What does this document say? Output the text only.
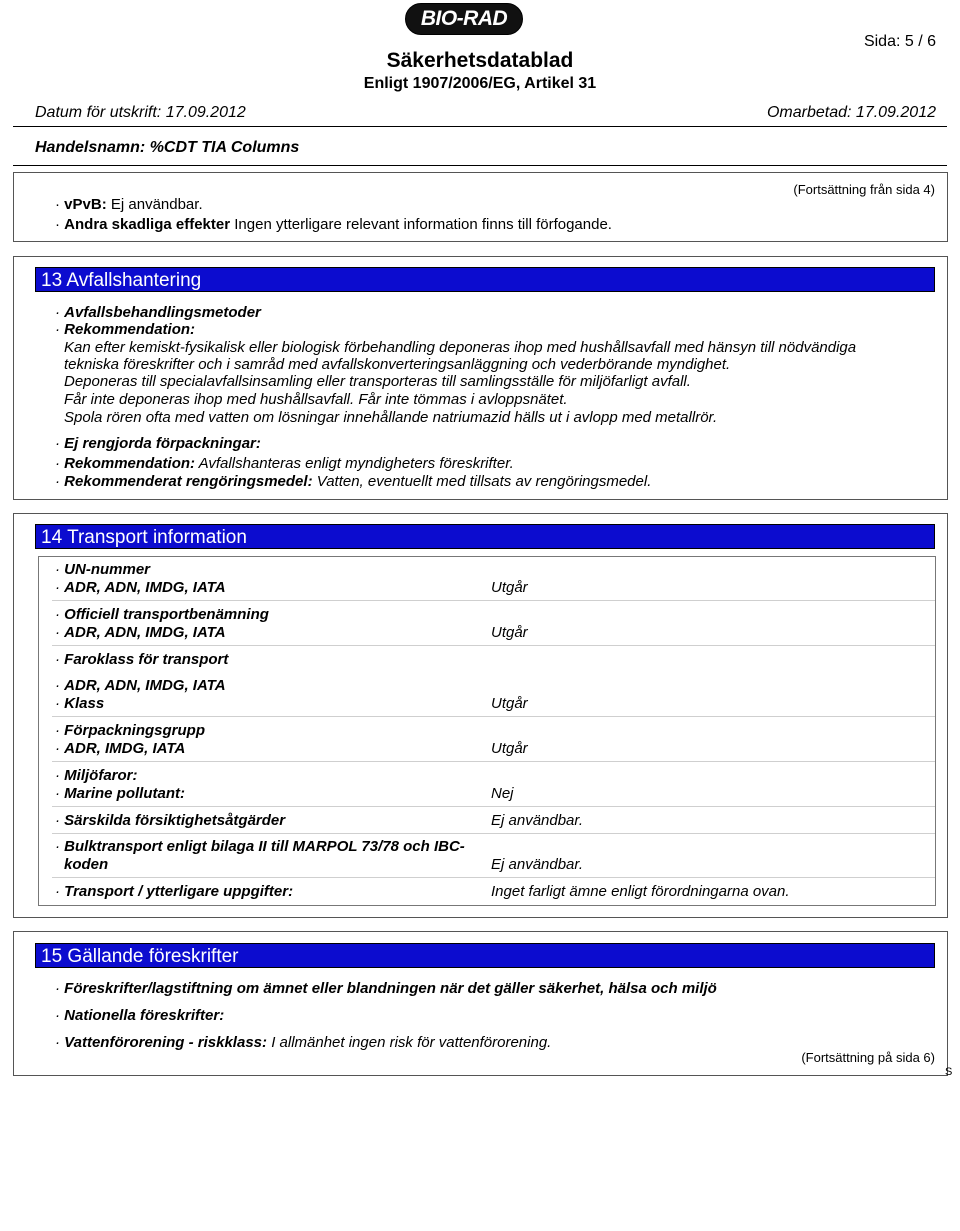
BIO-RAD
Säkerhetsdatablad
Enligt 1907/2006/EG, Artikel 31
Sida: 5 / 6
Datum för utskrift: 17.09.2012	Omarbetad: 17.09.2012
Handelsnamn: %CDT TIA Columns
(Fortsättning från sida 4)
· vPvB: Ej användbar.
· Andra skadliga effekter Ingen ytterligare relevant information finns till förfogande.
13 Avfallshantering
· Avfallsbehandlingsmetoder
· Rekommendation:
Kan efter kemiskt-fysikalisk eller biologisk förbehandling deponeras ihop med hushållsavfall med hänsyn till nödvändiga
tekniska föreskrifter och i samråd med avfallskonverteringsanläggning och vederbörande myndighet.
Deponeras till specialavfallsinsamling eller transporteras till samlingsställe för miljöfarligt avfall.
Får inte deponeras ihop med hushållsavfall. Får inte tömmas i avloppsnätet.
Spola rören ofta med vatten om lösningar innehållande natriumazid hälls ut i avlopp med metallrör.
· Ej rengjorda förpackningar:
· Rekommendation: Avfallshanteras enligt myndigheters föreskrifter.
· Rekommenderat rengöringsmedel: Vatten, eventuellt med tillsats av rengöringsmedel.
14 Transport information
· UN-nummer
· ADR, ADN, IMDG, IATA	Utgår
· Officiell transportbenämning
· ADR, ADN, IMDG, IATA	Utgår
· Faroklass för transport
· ADR, ADN, IMDG, IATA
· Klass	Utgår
· Förpackningsgrupp
· ADR, IMDG, IATA	Utgår
· Miljöfaror:
· Marine pollutant:	Nej
· Särskilda försiktighetsåtgärder	Ej användbar.
· Bulktransport enligt bilaga II till MARPOL 73/78 och IBC-
koden	Ej användbar.
· Transport / ytterligare uppgifter:	Inget farligt ämne enligt förordningarna ovan.
15 Gällande föreskrifter
· Föreskrifter/lagstiftning om ämnet eller blandningen när det gäller säkerhet, hälsa och miljö
· Nationella föreskrifter:
· Vattenförorening - riskklass: I allmänhet ingen risk för vattenförorening.
(Fortsättning på sida 6)
S
